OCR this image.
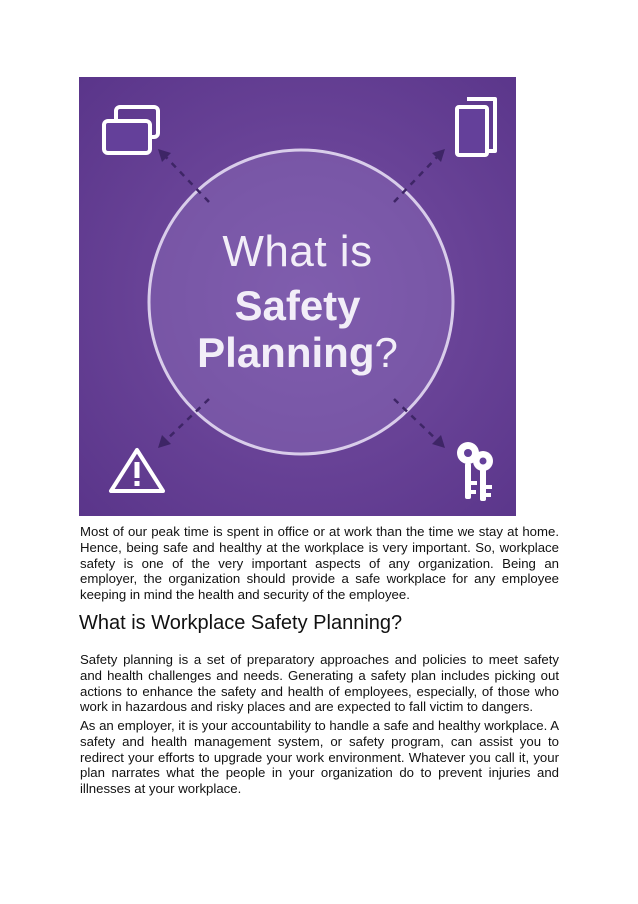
What is
Safety
Planning?

Most of our peak time is spent in office or at work than the time we stay at home. Hence, being safe and healthy at the workplace is very important. So, workplace safety is one of the very important aspects of any organization. Being an employer, the organization should provide a safe workplace for any employee keeping in mind the health and security of the employee.

What is Workplace Safety Planning?

Safety planning is a set of preparatory approaches and policies to meet safety and health challenges and needs. Generating a safety plan includes picking out actions to enhance the safety and health of employees, especially, of those who work in hazardous and risky places and are expected to fall victim to dangers.

As an employer, it is your accountability to handle a safe and healthy workplace. A safety and health management system, or safety program, can assist you to redirect your efforts to upgrade your work environment. Whatever you call it, your plan narrates what the people in your organization do to prevent injuries and illnesses at your workplace.
